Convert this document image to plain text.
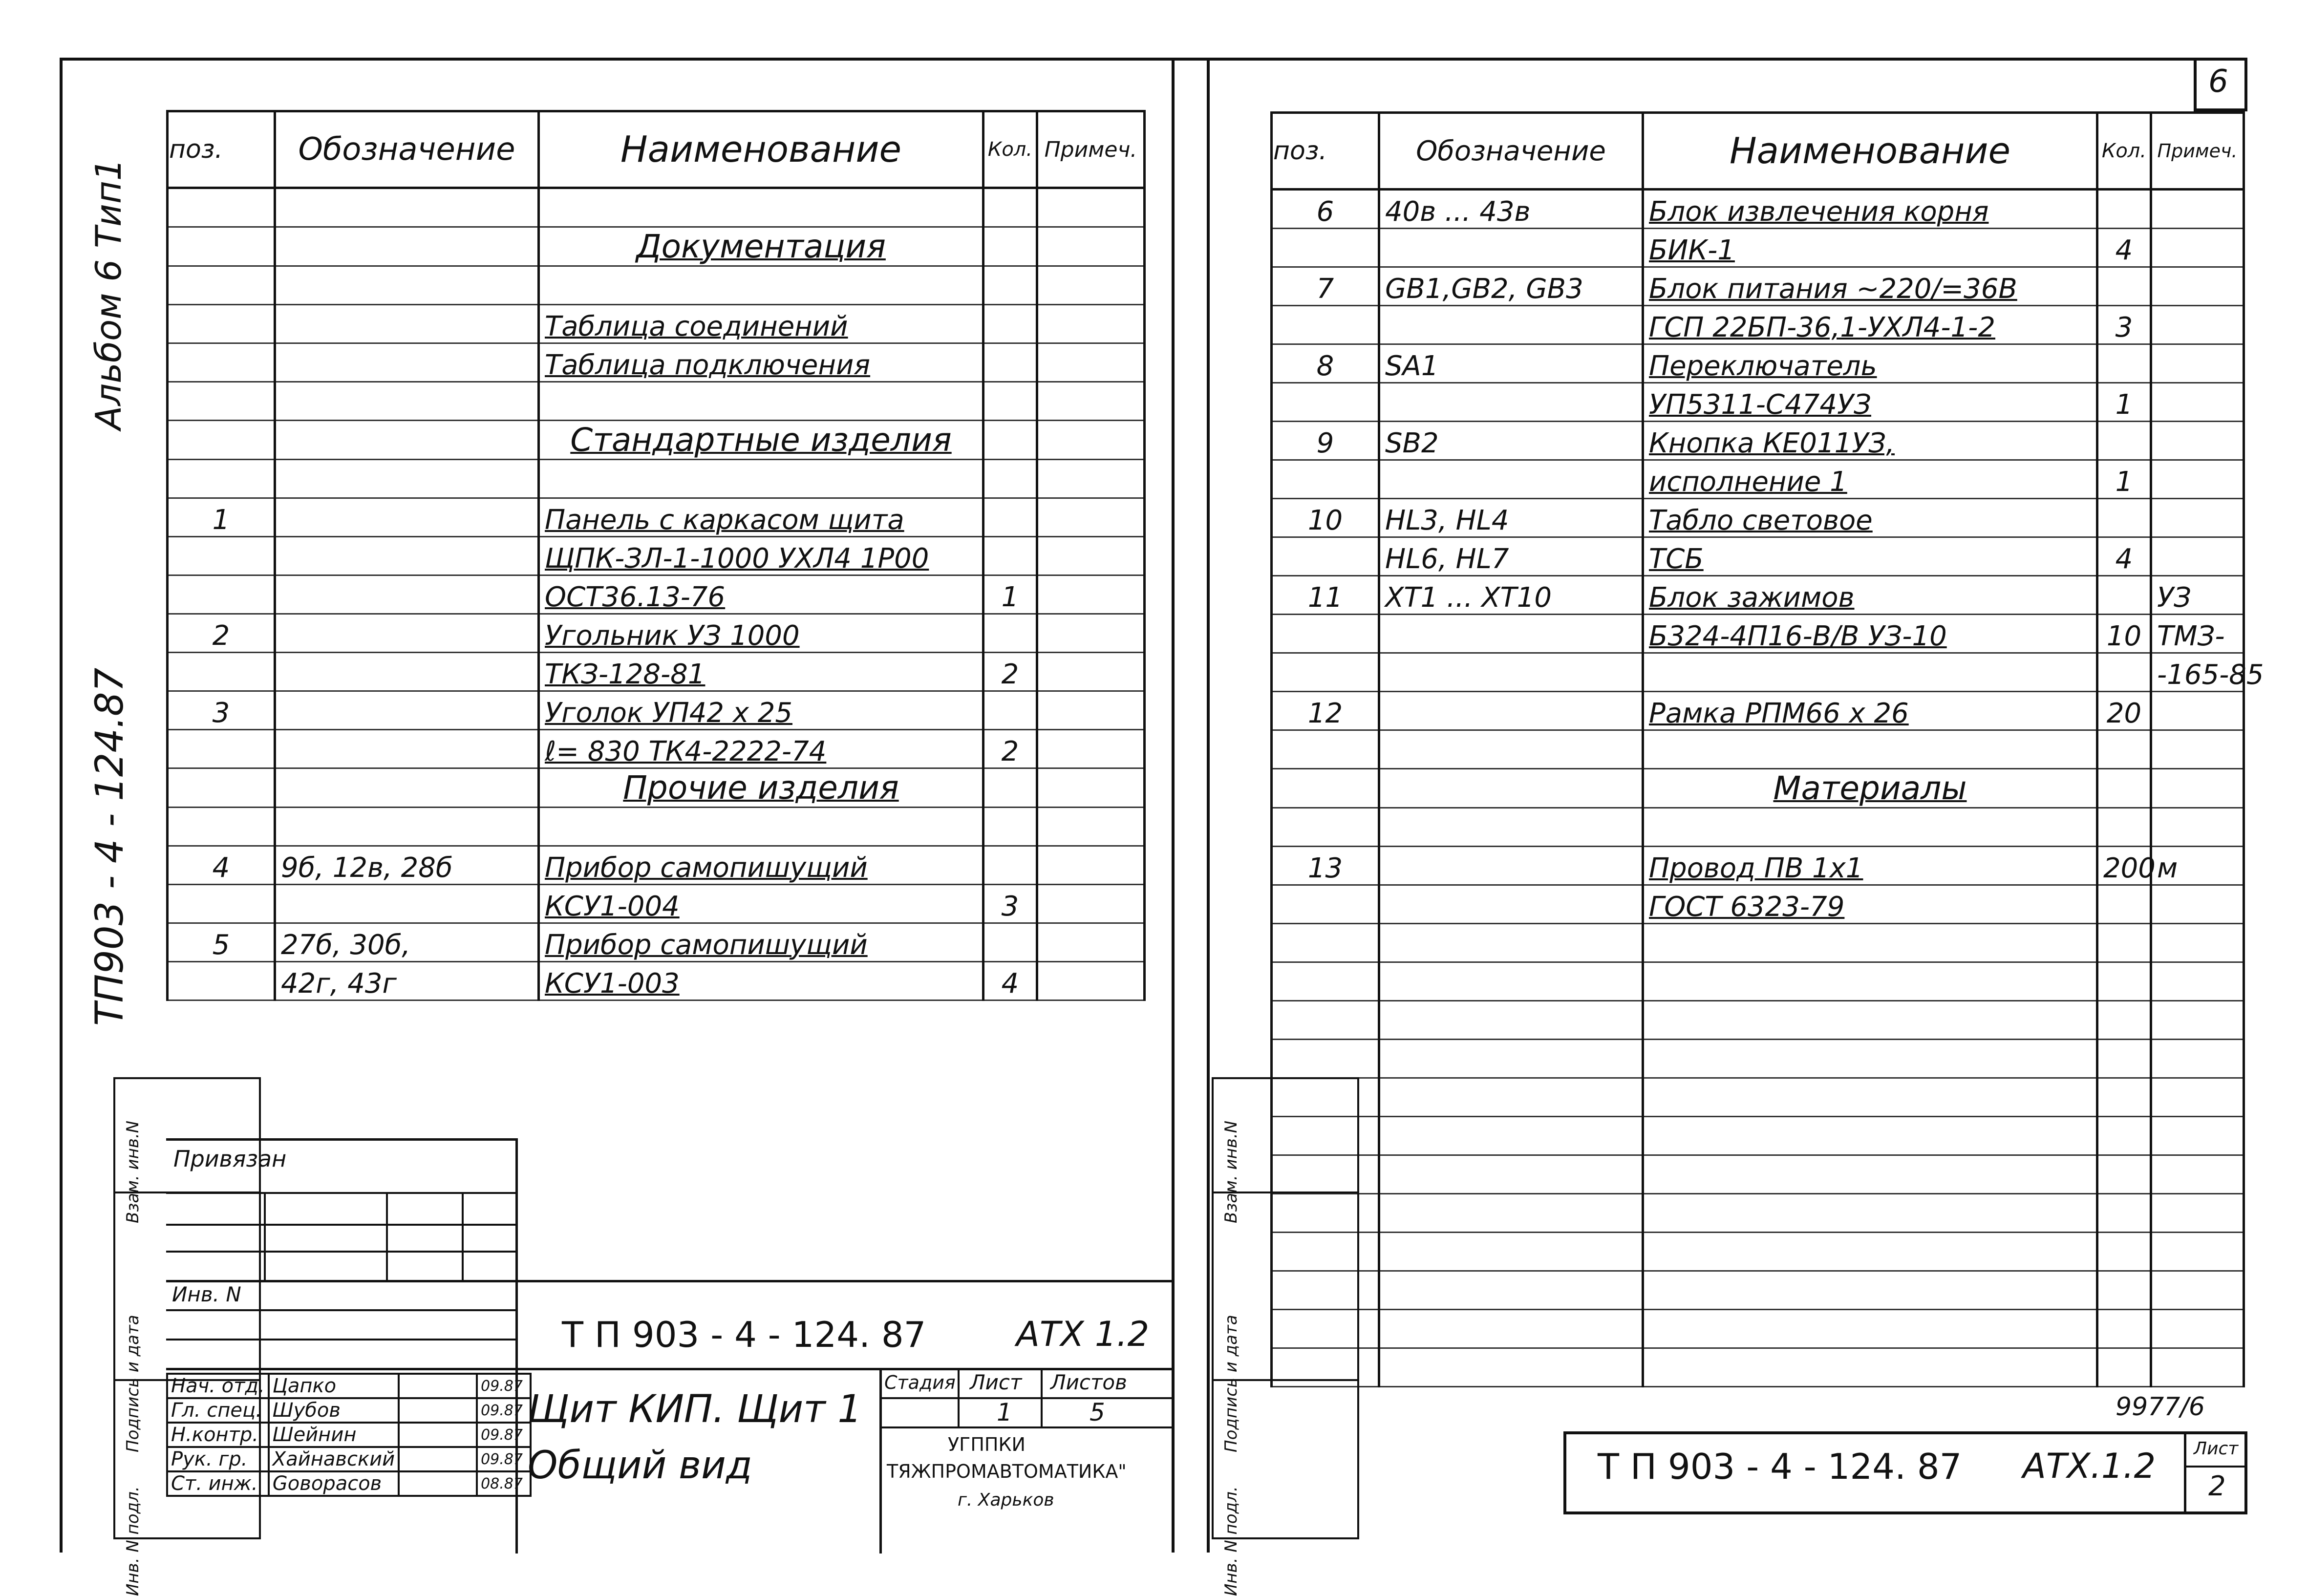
6
Альбом 6 Тип1
ТП903 - 4 - 124.87
поз.	Обозначение	Наименование	Кол.	Примеч.

		Документация		

		Таблица соединений		
		Таблица подключения		

		Стандартные изделия		

1		Панель с каркасом щита		
		ЩПК-ЗЛ-1-1000 УХЛ4 1Р00		
		ОСТ36.13-76	1	
2		Угольник УЗ 1000		
		ТКЗ-128-81	2	
3		Уголок УП42 х 25		
		ℓ= 830 ТК4-2222-74	2	
		Прочие изделия		

4	9б, 12в, 28б	Прибор самопишущий		
		КСУ1-004	3	
5	27б, 30б,	Прибор самопишущий		
	42г, 43г	КСУ1-003	4	
Взам. инв.N

Подпись и дата

Инв. N подл.
Привязан
Инв. N
Т П 903 - 4 - 124. 87	АТХ 1.2
Щит КИП. Щит 1
Общий вид
Стадия Лист Листов
1	5
УГППКИ
ТЯЖПРОМАВТОМАТИКА"
г. Харьков
Нач. отд.	Цапко		09.87
Гл. спец.	Шубов		09.87
Н.контр.	Шейнин		09.87
Рук. гр.	Хайнавский		09.87
Ст. инж.	Goвоpaсов		08.87
поз.	Обозначение	Наименование	Кол.	Примеч.
6	40в ... 43в	Блок извлечения корня		
		БИК-1	4	
7	GB1,GB2, GB3	Блок питания ~220/=36В		
		ГСП 22БП-36,1-УХЛ4-1-2	3	
8	SA1	Переключатель		
		УП5311-С474УЗ	1	
9	SB2	Кнопка КЕ011УЗ,		
		исполнение 1	1	
10	HL3, HL4	Табло световое		
	HL6, HL7	ТСБ	4	
11	XT1 ... XT10	Блок зажимов		УЗ
		Б324-4П16-В/В УЗ-10	10	ТМЗ-
				-165-85
12		Рамка РПМ66 х 26	20	

		Материалы		

13		Провод ПВ 1х1	200	м
		ГОСТ 6323-79		

Взам. инв.N

Подпись и дата

Инв. N подл.
9977/6
Т П 903 - 4 - 124. 87 АТХ.1.2 Лист
2
